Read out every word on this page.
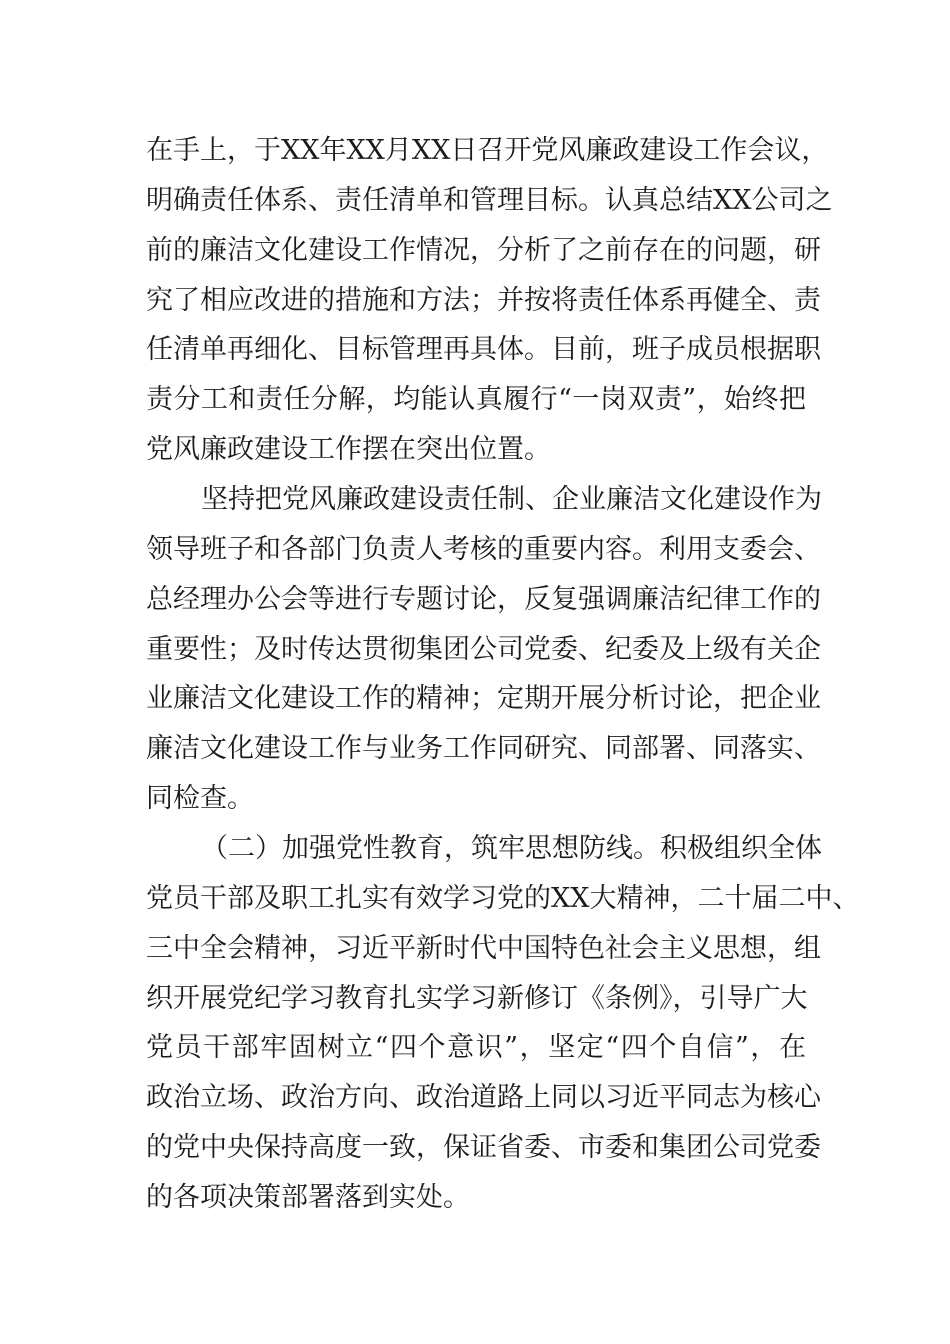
在手上，于XX年XX月XX日召开党风廉政建设工作会议，

明确责任体系、责任清单和管理目标。认真总结XX公司之

前的廉洁文化建设工作情况，分析了之前存在的问题，研

究了相应改进的措施和方法；并按将责任体系再健全、责

任清单再细化、目标管理再具体。目前，班子成员根据职

责分工和责任分解，均能认真履行“一岗双责”，始终把

党风廉政建设工作摆在突出位置。

坚持把党风廉政建设责任制、企业廉洁文化建设作为

领导班子和各部门负责人考核的重要内容。利用支委会、

总经理办公会等进行专题讨论，反复强调廉洁纪律工作的

重要性；及时传达贯彻集团公司党委、纪委及上级有关企

业廉洁文化建设工作的精神；定期开展分析讨论，把企业

廉洁文化建设工作与业务工作同研究、同部署、同落实、

同检查。

（二）加强党性教育，筑牢思想防线。积极组织全体

党员干部及职工扎实有效学习党的XX大精神，二十届二中、

三中全会精神，习近平新时代中国特色社会主义思想，组

织开展党纪学习教育扎实学习新修订《条例》，引导广大

党员干部牢固树立“四个意识”，坚定“四个自信”，在

政治立场、政治方向、政治道路上同以习近平同志为核心

的党中央保持高度一致，保证省委、市委和集团公司党委

的各项决策部署落到实处。
